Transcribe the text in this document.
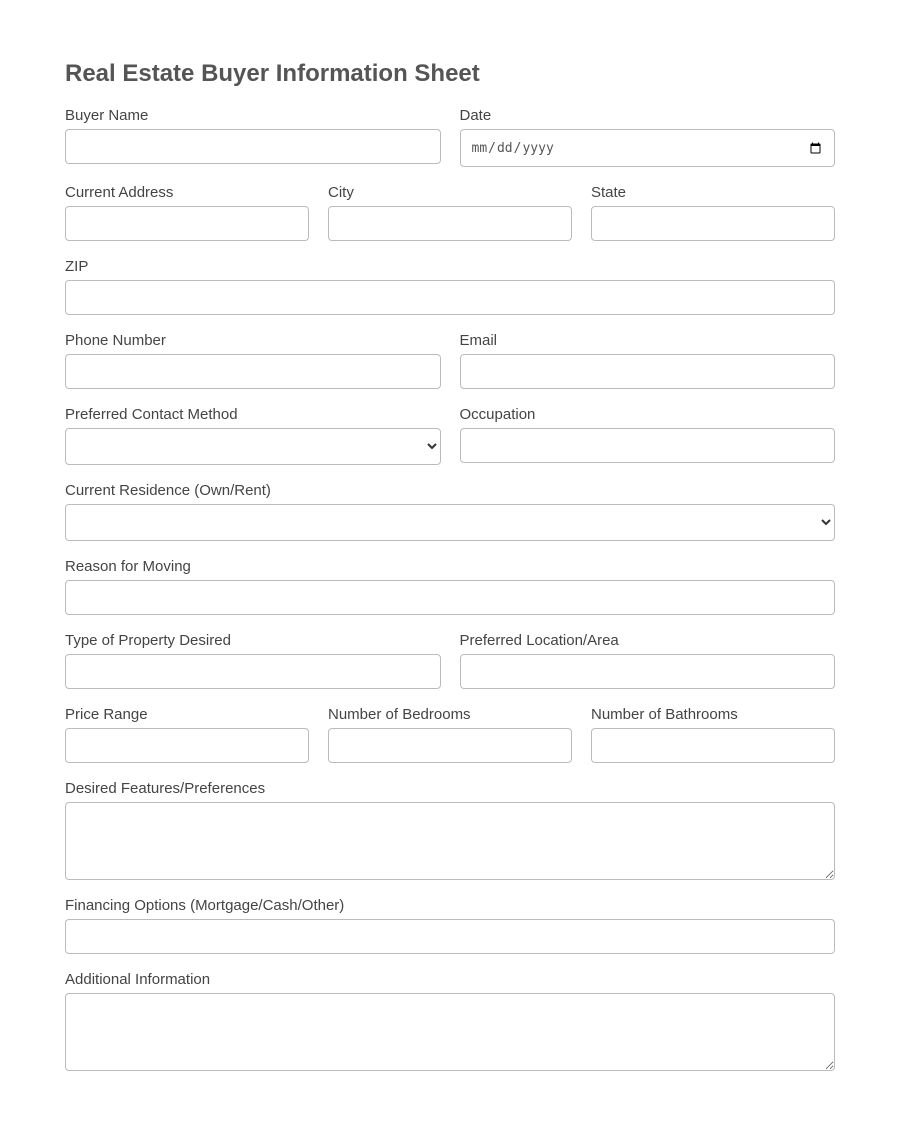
Real Estate Buyer Information Sheet
Buyer Name	Date
mm/dd/yyyy
Current Address	City	State
ZIP
Phone Number	Email
Preferred Contact Method	Occupation
Current Residence (Own/Rent)
Reason for Moving
Type of Property Desired	Preferred Location/Area
Price Range	Number of Bedrooms	Number of Bathrooms
Desired Features/Preferences
Financing Options (Mortgage/Cash/Other)
Additional Information
